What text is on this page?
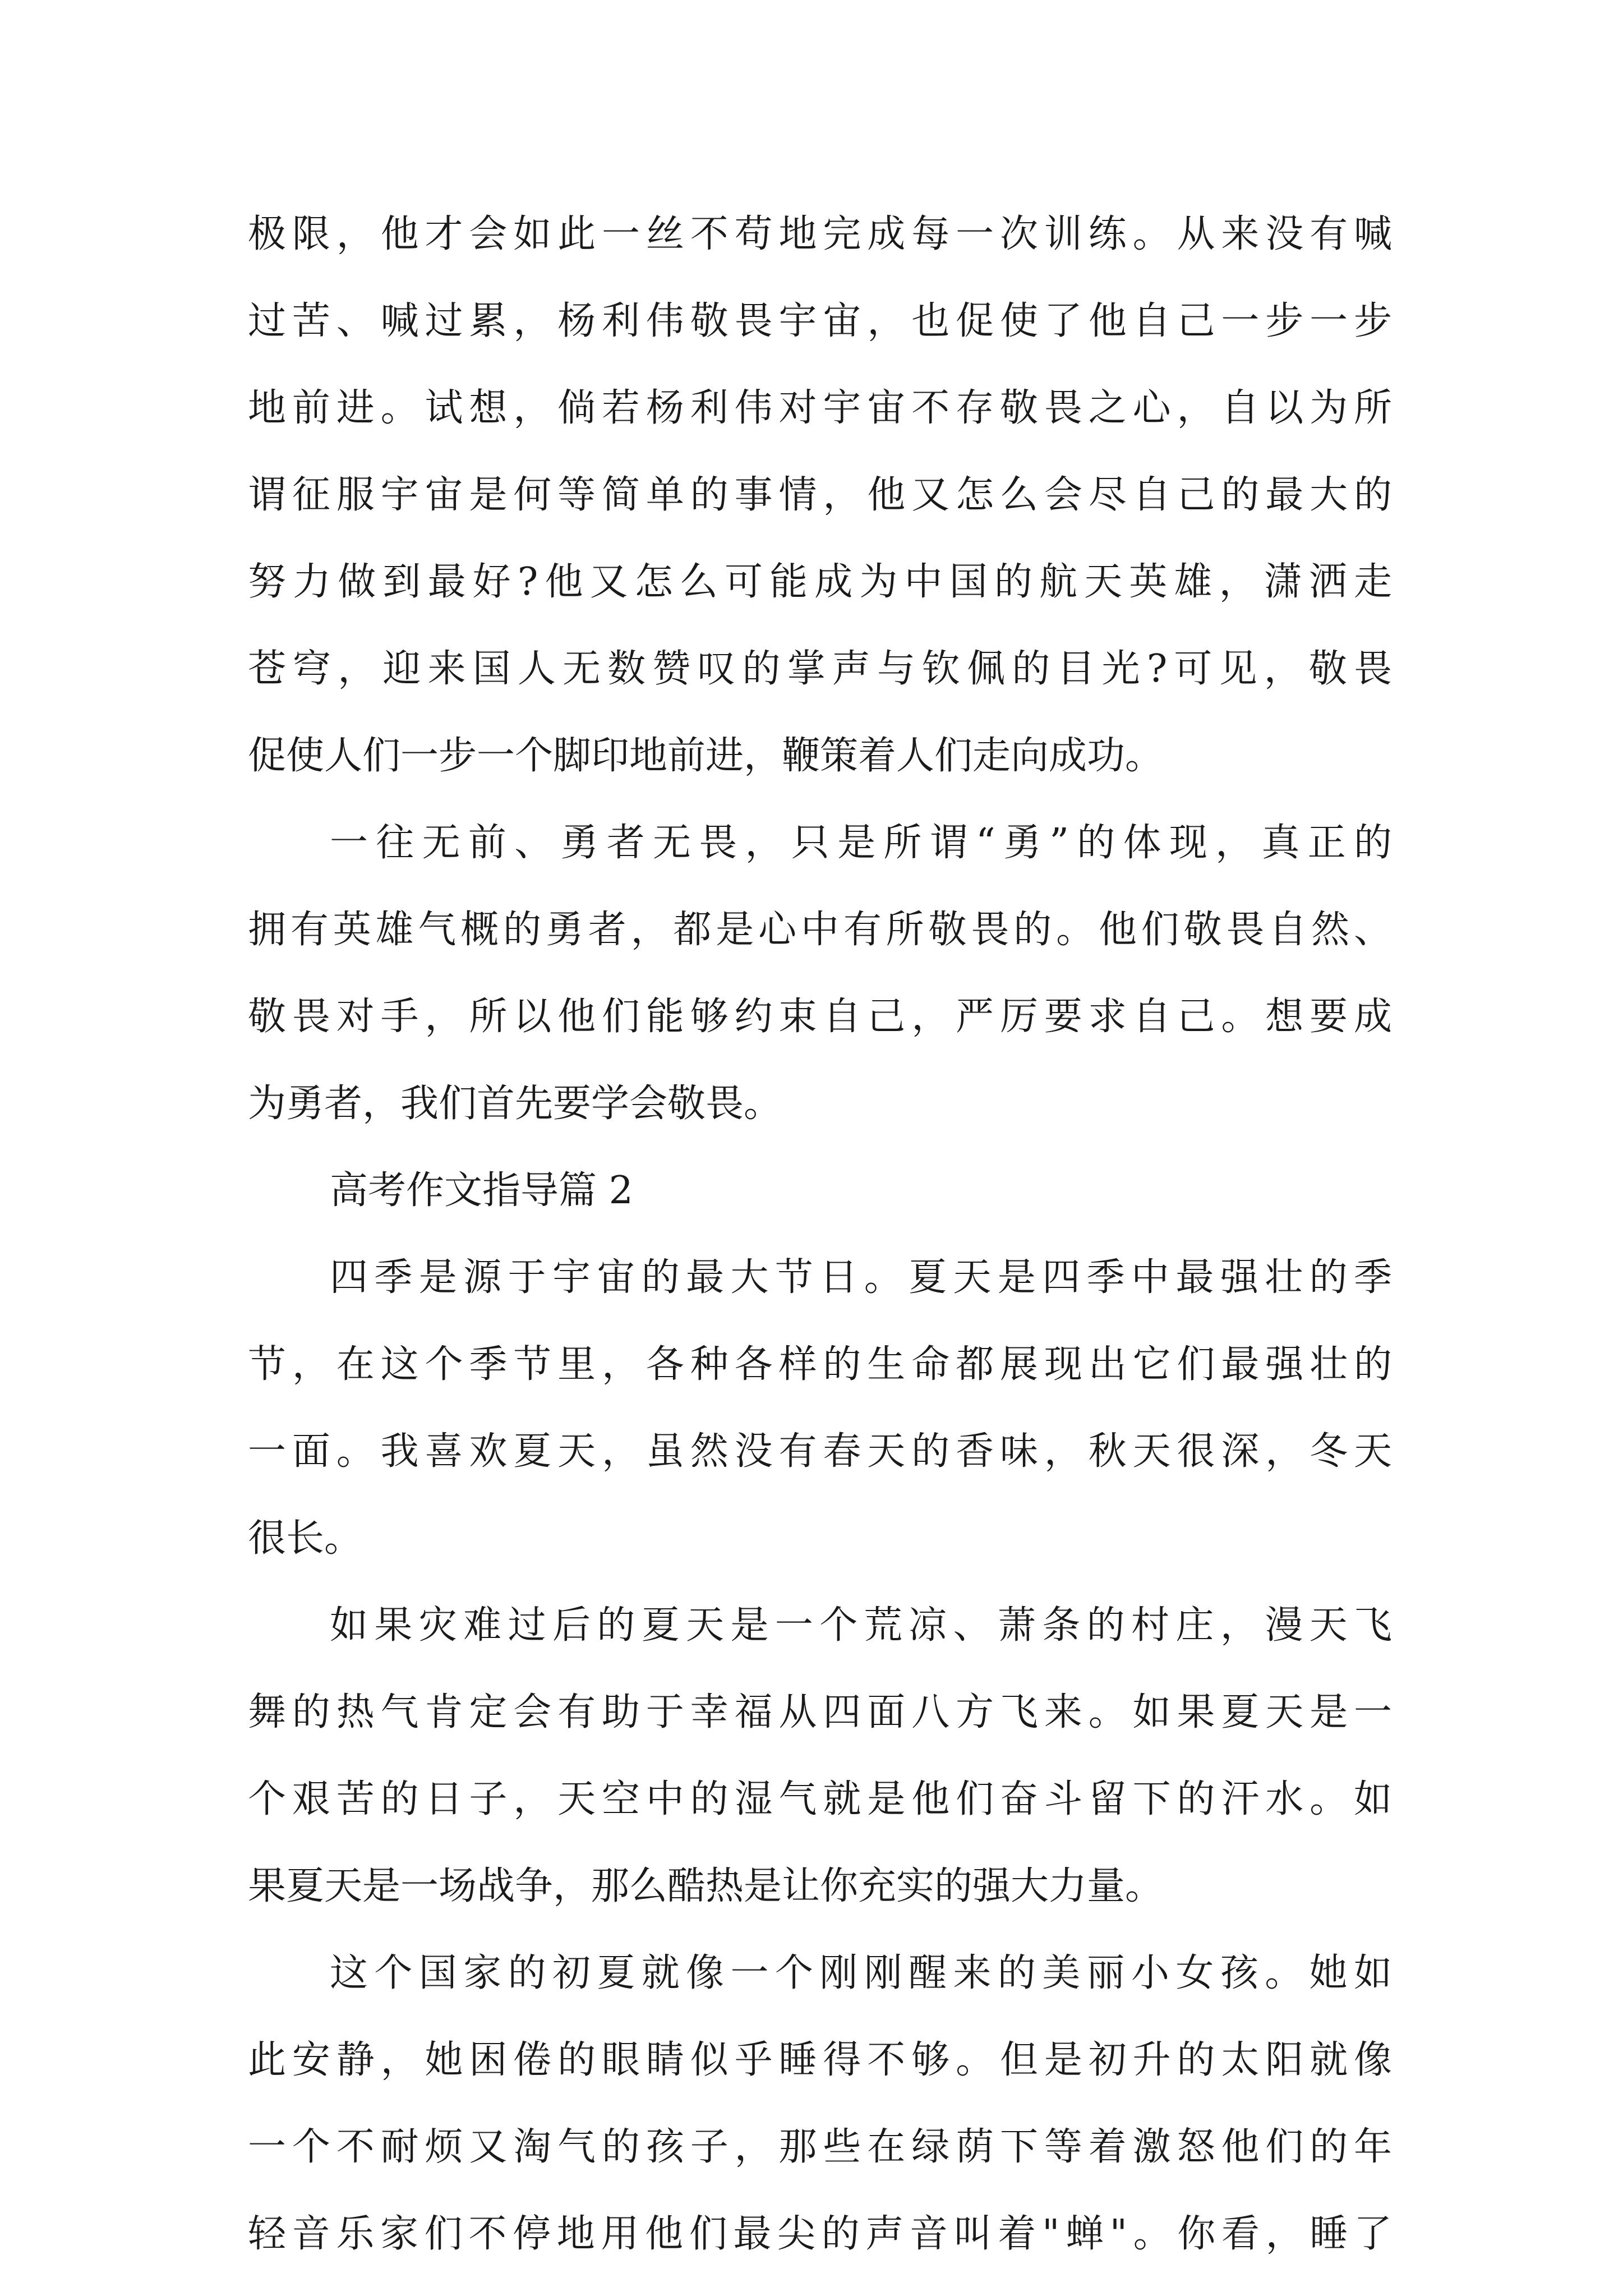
极限，他才会如此一丝不苟地完成每一次训练。从来没有喊
过苦、喊过累，杨利伟敬畏宇宙，也促使了他自己一步一步
地前进。试想，倘若杨利伟对宇宙不存敬畏之心，自以为所
谓征服宇宙是何等简单的事情，他又怎么会尽自己的最大的
努力做到最好?他又怎么可能成为中国的航天英雄，潇洒走
苍穹，迎来国人无数赞叹的掌声与钦佩的目光?可见，敬畏
促使人们一步一个脚印地前进，鞭策着人们走向成功。
一往无前、勇者无畏，只是所谓“勇”的体现，真正的
拥有英雄气概的勇者，都是心中有所敬畏的。他们敬畏自然、
敬畏对手，所以他们能够约束自己，严厉要求自己。想要成
为勇者，我们首先要学会敬畏。
高考作文指导篇 2
四季是源于宇宙的最大节日。夏天是四季中最强壮的季
节，在这个季节里，各种各样的生命都展现出它们最强壮的
一面。我喜欢夏天，虽然没有春天的香味，秋天很深，冬天
很长。
如果灾难过后的夏天是一个荒凉、萧条的村庄，漫天飞
舞的热气肯定会有助于幸福从四面八方飞来。如果夏天是一
个艰苦的日子，天空中的湿气就是他们奋斗留下的汗水。如
果夏天是一场战争，那么酷热是让你充实的强大力量。
这个国家的初夏就像一个刚刚醒来的美丽小女孩。她如
此安静，她困倦的眼睛似乎睡得不够。但是初升的太阳就像
一个不耐烦又淘气的孩子，那些在绿荫下等着激怒他们的年
轻音乐家们不停地用他们最尖的声音叫着"蝉"。你看，睡了
